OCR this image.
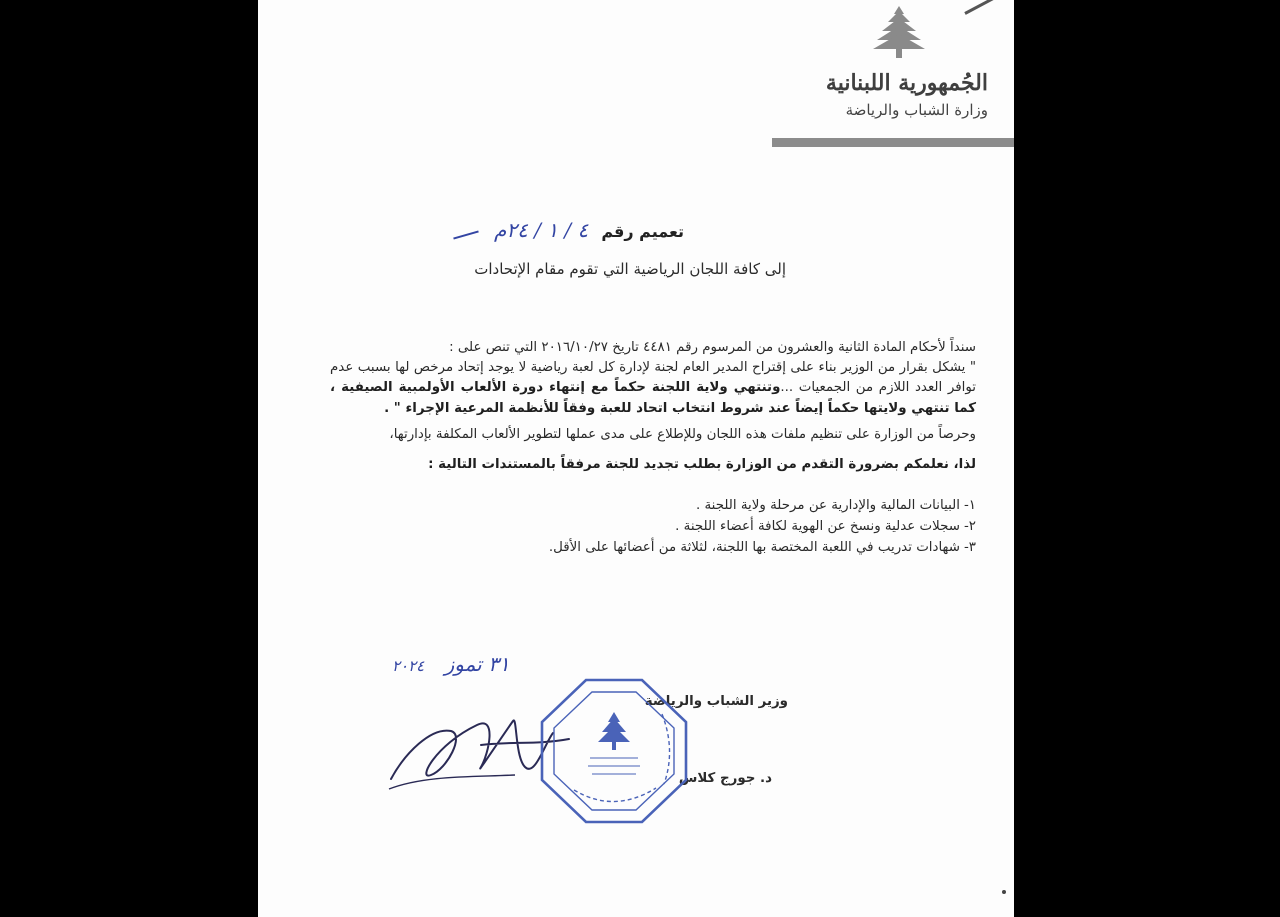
الجُمهورية اللبنانية
وزارة الشباب والرياضة
تعميم رقم ٤ / ١ / ٢٤م
إلى كافة اللجان الرياضية التي تقوم مقام الإتحادات

سنداً لأحكام المادة الثانية والعشرون من المرسوم رقم ٤٤٨١ تاريخ ٢٠١٦/١٠/٢٧ التي تنص على :

" يشكل بقرار من الوزير بناء على إقتراح المدير العام لجنة لإدارة كل لعبة رياضية لا يوجد إتحاد مرخص لها بسبب عدم توافر العدد اللازم من الجمعيات ...وتنتهي ولاية اللجنة حكماً مع إنتهاء دورة الألعاب الأولمبية الصيفية ، كما تنتهي ولايتها حكماً إيضاً عند شروط انتخاب اتحاد للعبة وفقاً للأنظمة المرعية الإجراء " .

وحرصاً من الوزارة على تنظيم ملفات هذه اللجان وللإطلاع على مدى عملها لتطوير الألعاب المكلفة بإدارتها،

لذا، نعلمكم بضرورة التقدم من الوزارة بطلب تجديد للجنة مرفقاً بالمستندات التالية :

١-البيانات المالية والإدارية عن مرحلة ولاية اللجنة .
٢-سجلات عدلية ونسخ عن الهوية لكافة أعضاء اللجنة .
٣-شهادات تدريب في اللعبة المختصة بها اللجنة، لثلاثة من أعضائها على الأقل.
٣١ تموز ٢٠٢٤
وزير الشباب والرياضة
د. جورج كلاس
